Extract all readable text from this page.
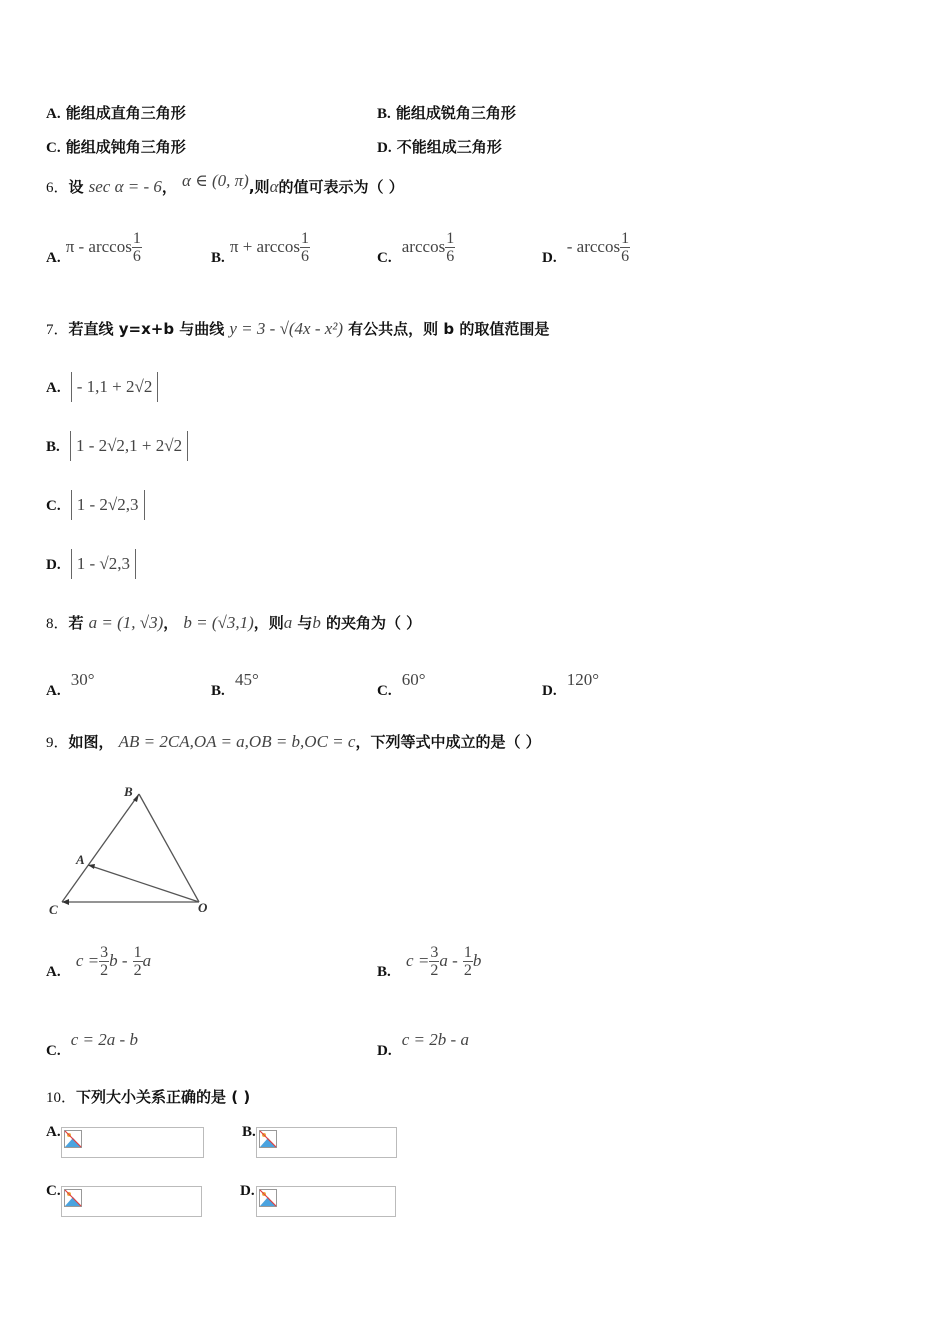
A. 能组成直角三角形	B. 能组成锐角三角形
C. 能组成钝角三角形	D. 不能组成三角形
6．设 sec α = - 6， α ∈ (0, π),则α的值可表示为（ ）
A. π - $\arccos \frac{1}{6}$	B. $\pi + \arccos \frac{1}{6}$	C.  $\arccos \frac{1}{6}$	D.  - $\arccos \frac{1}{6}$
7．若直线 y=x+b 与曲线 y = 3 - √(4x - x²) 有公共点，则 b 的取值范围是
A. - 1,1 + 2√2
B. 1 - 2√2,1 + 2√2
C. 1 - 2√2,3
D. 1 - √2,3
8．若 a = (1, √3)， b = (√3,1)，则a 与b 的夹角为（ ）
A.  30°
B.  45°
C.  60°
D.  120°
9．如图， AB = 2CA,OA = a,OB = b,OC = c，下列等式中成立的是（ ）
B
A
C	O
A.   $c = \frac{3}{2}$ b - $\frac{1}{2}$ a
B.   $c = \frac{3}{2}$ a - $\frac{1}{2}$ b
C.  c = 2a - b
D.  c = 2b - a
10．下列大小关系正确的是 ( )
A.	B.
C.	D.
